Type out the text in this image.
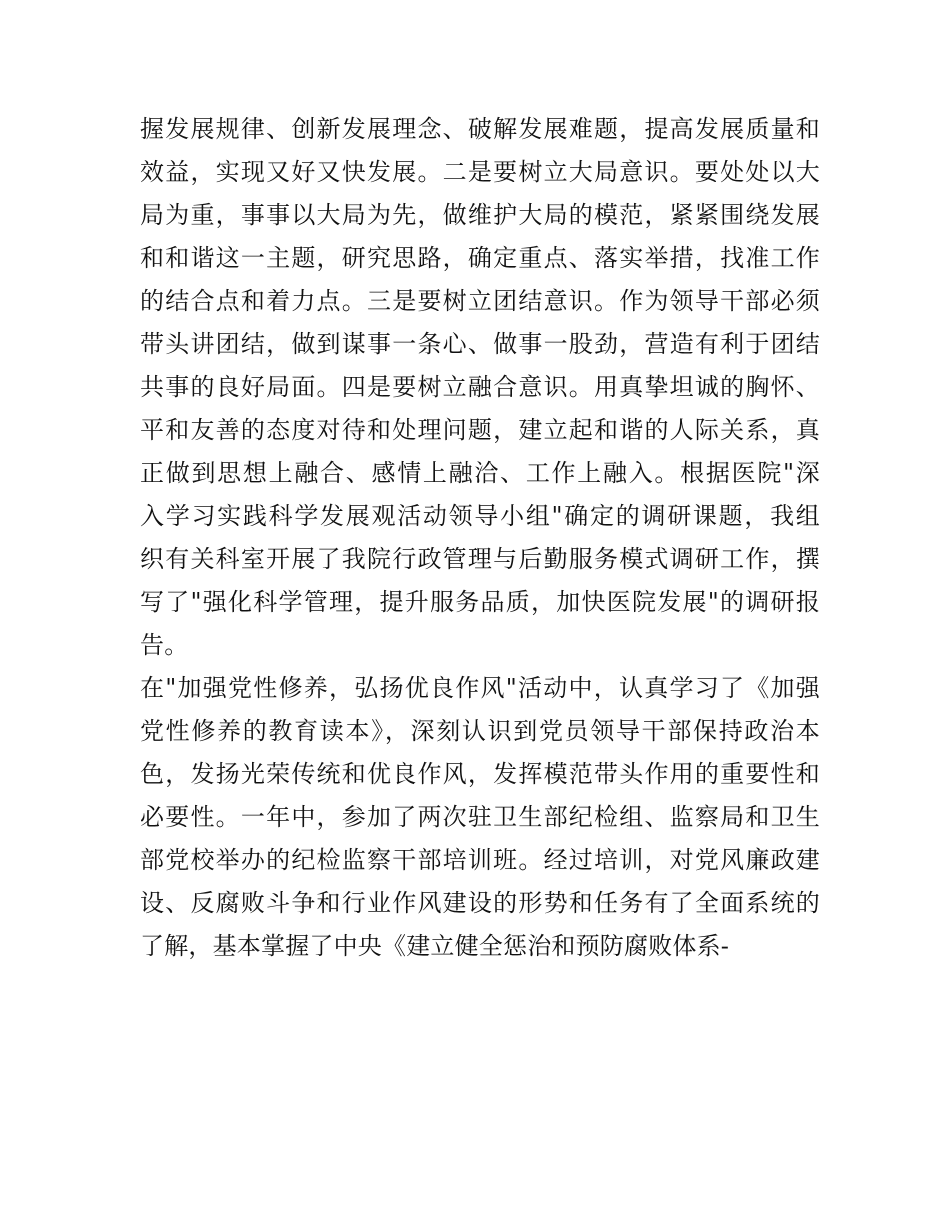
握发展规律、创新发展理念、破解发展难题，提高发展质量和
效益，实现又好又快发展。二是要树立大局意识。要处处以大
局为重，事事以大局为先，做维护大局的模范，紧紧围绕发展
和和谐这一主题，研究思路，确定重点、落实举措，找准工作
的结合点和着力点。三是要树立团结意识。作为领导干部必须
带头讲团结，做到谋事一条心、做事一股劲，营造有利于团结
共事的良好局面。四是要树立融合意识。用真挚坦诚的胸怀、
平和友善的态度对待和处理问题，建立起和谐的人际关系，真
正做到思想上融合、感情上融洽、工作上融入。根据医院"深
入学习实践科学发展观活动领导小组"确定的调研课题，我组
织有关科室开展了我院行政管理与后勤服务模式调研工作，撰
写了"强化科学管理，提升服务品质，加快医院发展"的调研报
告。
在"加强党性修养，弘扬优良作风"活动中，认真学习了《加强
党性修养的教育读本》，深刻认识到党员领导干部保持政治本
色，发扬光荣传统和优良作风，发挥模范带头作用的重要性和
必要性。一年中，参加了两次驻卫生部纪检组、监察局和卫生
部党校举办的纪检监察干部培训班。经过培训，对党风廉政建
设、反腐败斗争和行业作风建设的形势和任务有了全面系统的
了解，基本掌握了中央《建立健全惩治和预防腐败体系-
